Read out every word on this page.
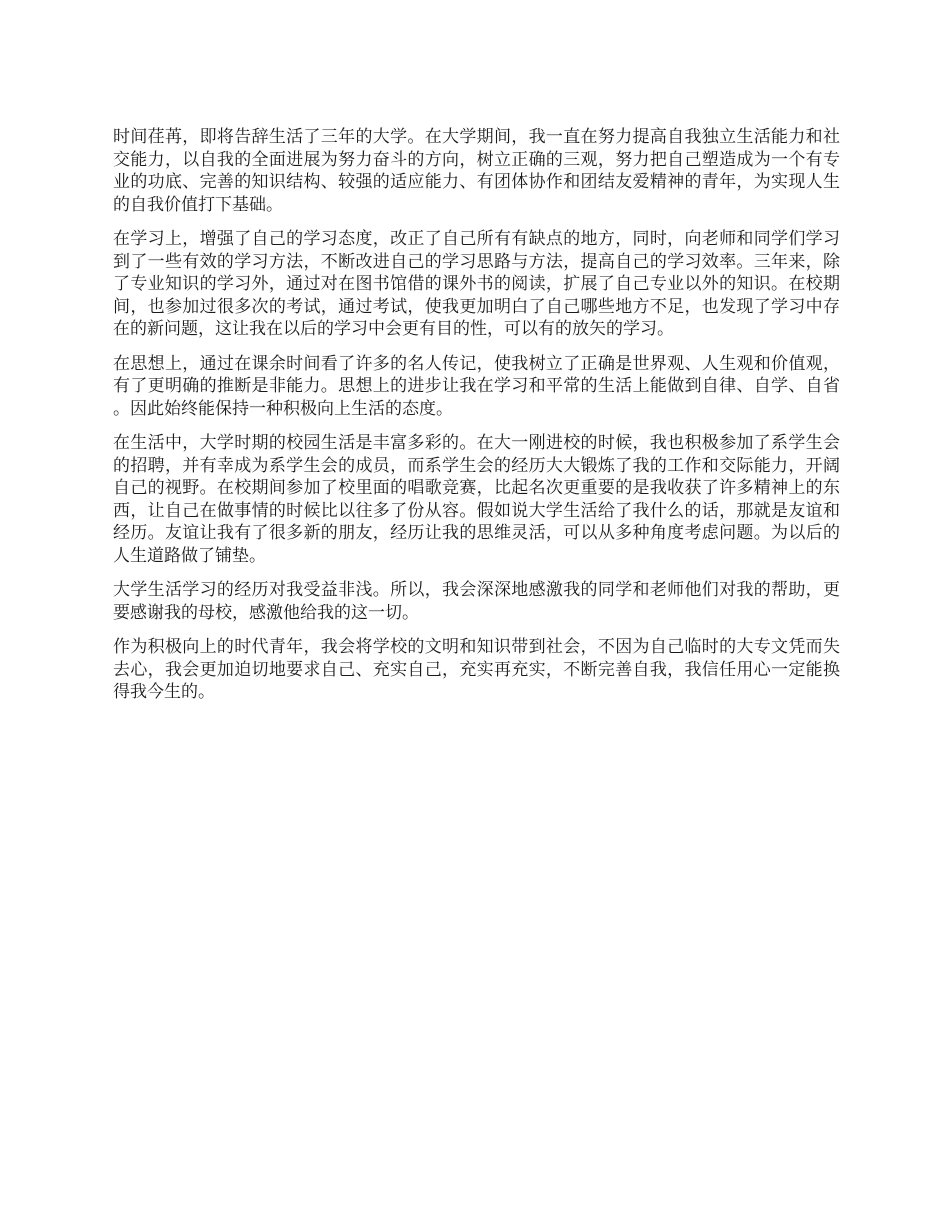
时间荏苒，即将告辞生活了三年的大学。在大学期间，我一直在努力提高自我独立生活能力和社交能力，以自我的全面进展为努力奋斗的方向，树立正确的三观，努力把自己塑造成为一个有专业的功底、完善的知识结构、较强的适应能力、有团体协作和团结友爱精神的青年，为实现人生的自我价值打下基础。

在学习上，增强了自己的学习态度，改正了自己所有有缺点的地方，同时，向老师和同学们学习到了一些有效的学习方法，不断改进自己的学习思路与方法，提高自己的学习效率。三年来，除了专业知识的学习外，通过对在图书馆借的课外书的阅读，扩展了自己专业以外的知识。在校期间，也参加过很多次的考试，通过考试，使我更加明白了自己哪些地方不足，也发现了学习中存在的新问题，这让我在以后的学习中会更有目的性，可以有的放矢的学习。

在思想上，通过在课余时间看了许多的名人传记，使我树立了正确是世界观、人生观和价值观，有了更明确的推断是非能力。思想上的进步让我在学习和平常的生活上能做到自律、自学、自省。因此始终能保持一种积极向上生活的态度。

在生活中，大学时期的校园生活是丰富多彩的。在大一刚进校的时候，我也积极参加了系学生会的招聘，并有幸成为系学生会的成员，而系学生会的经历大大锻炼了我的工作和交际能力，开阔自己的视野。在校期间参加了校里面的唱歌竞赛，比起名次更重要的是我收获了许多精神上的东西，让自己在做事情的时候比以往多了份从容。假如说大学生活给了我什么的话，那就是友谊和经历。友谊让我有了很多新的朋友，经历让我的思维灵活，可以从多种角度考虑问题。为以后的人生道路做了铺垫。

大学生活学习的经历对我受益非浅。所以，我会深深地感激我的同学和老师他们对我的帮助，更要感谢我的母校，感激他给我的这一切。

作为积极向上的时代青年，我会将学校的文明和知识带到社会，不因为自己临时的大专文凭而失去心，我会更加迫切地要求自己、充实自己，充实再充实，不断完善自我，我信任用心一定能换得我今生的。
